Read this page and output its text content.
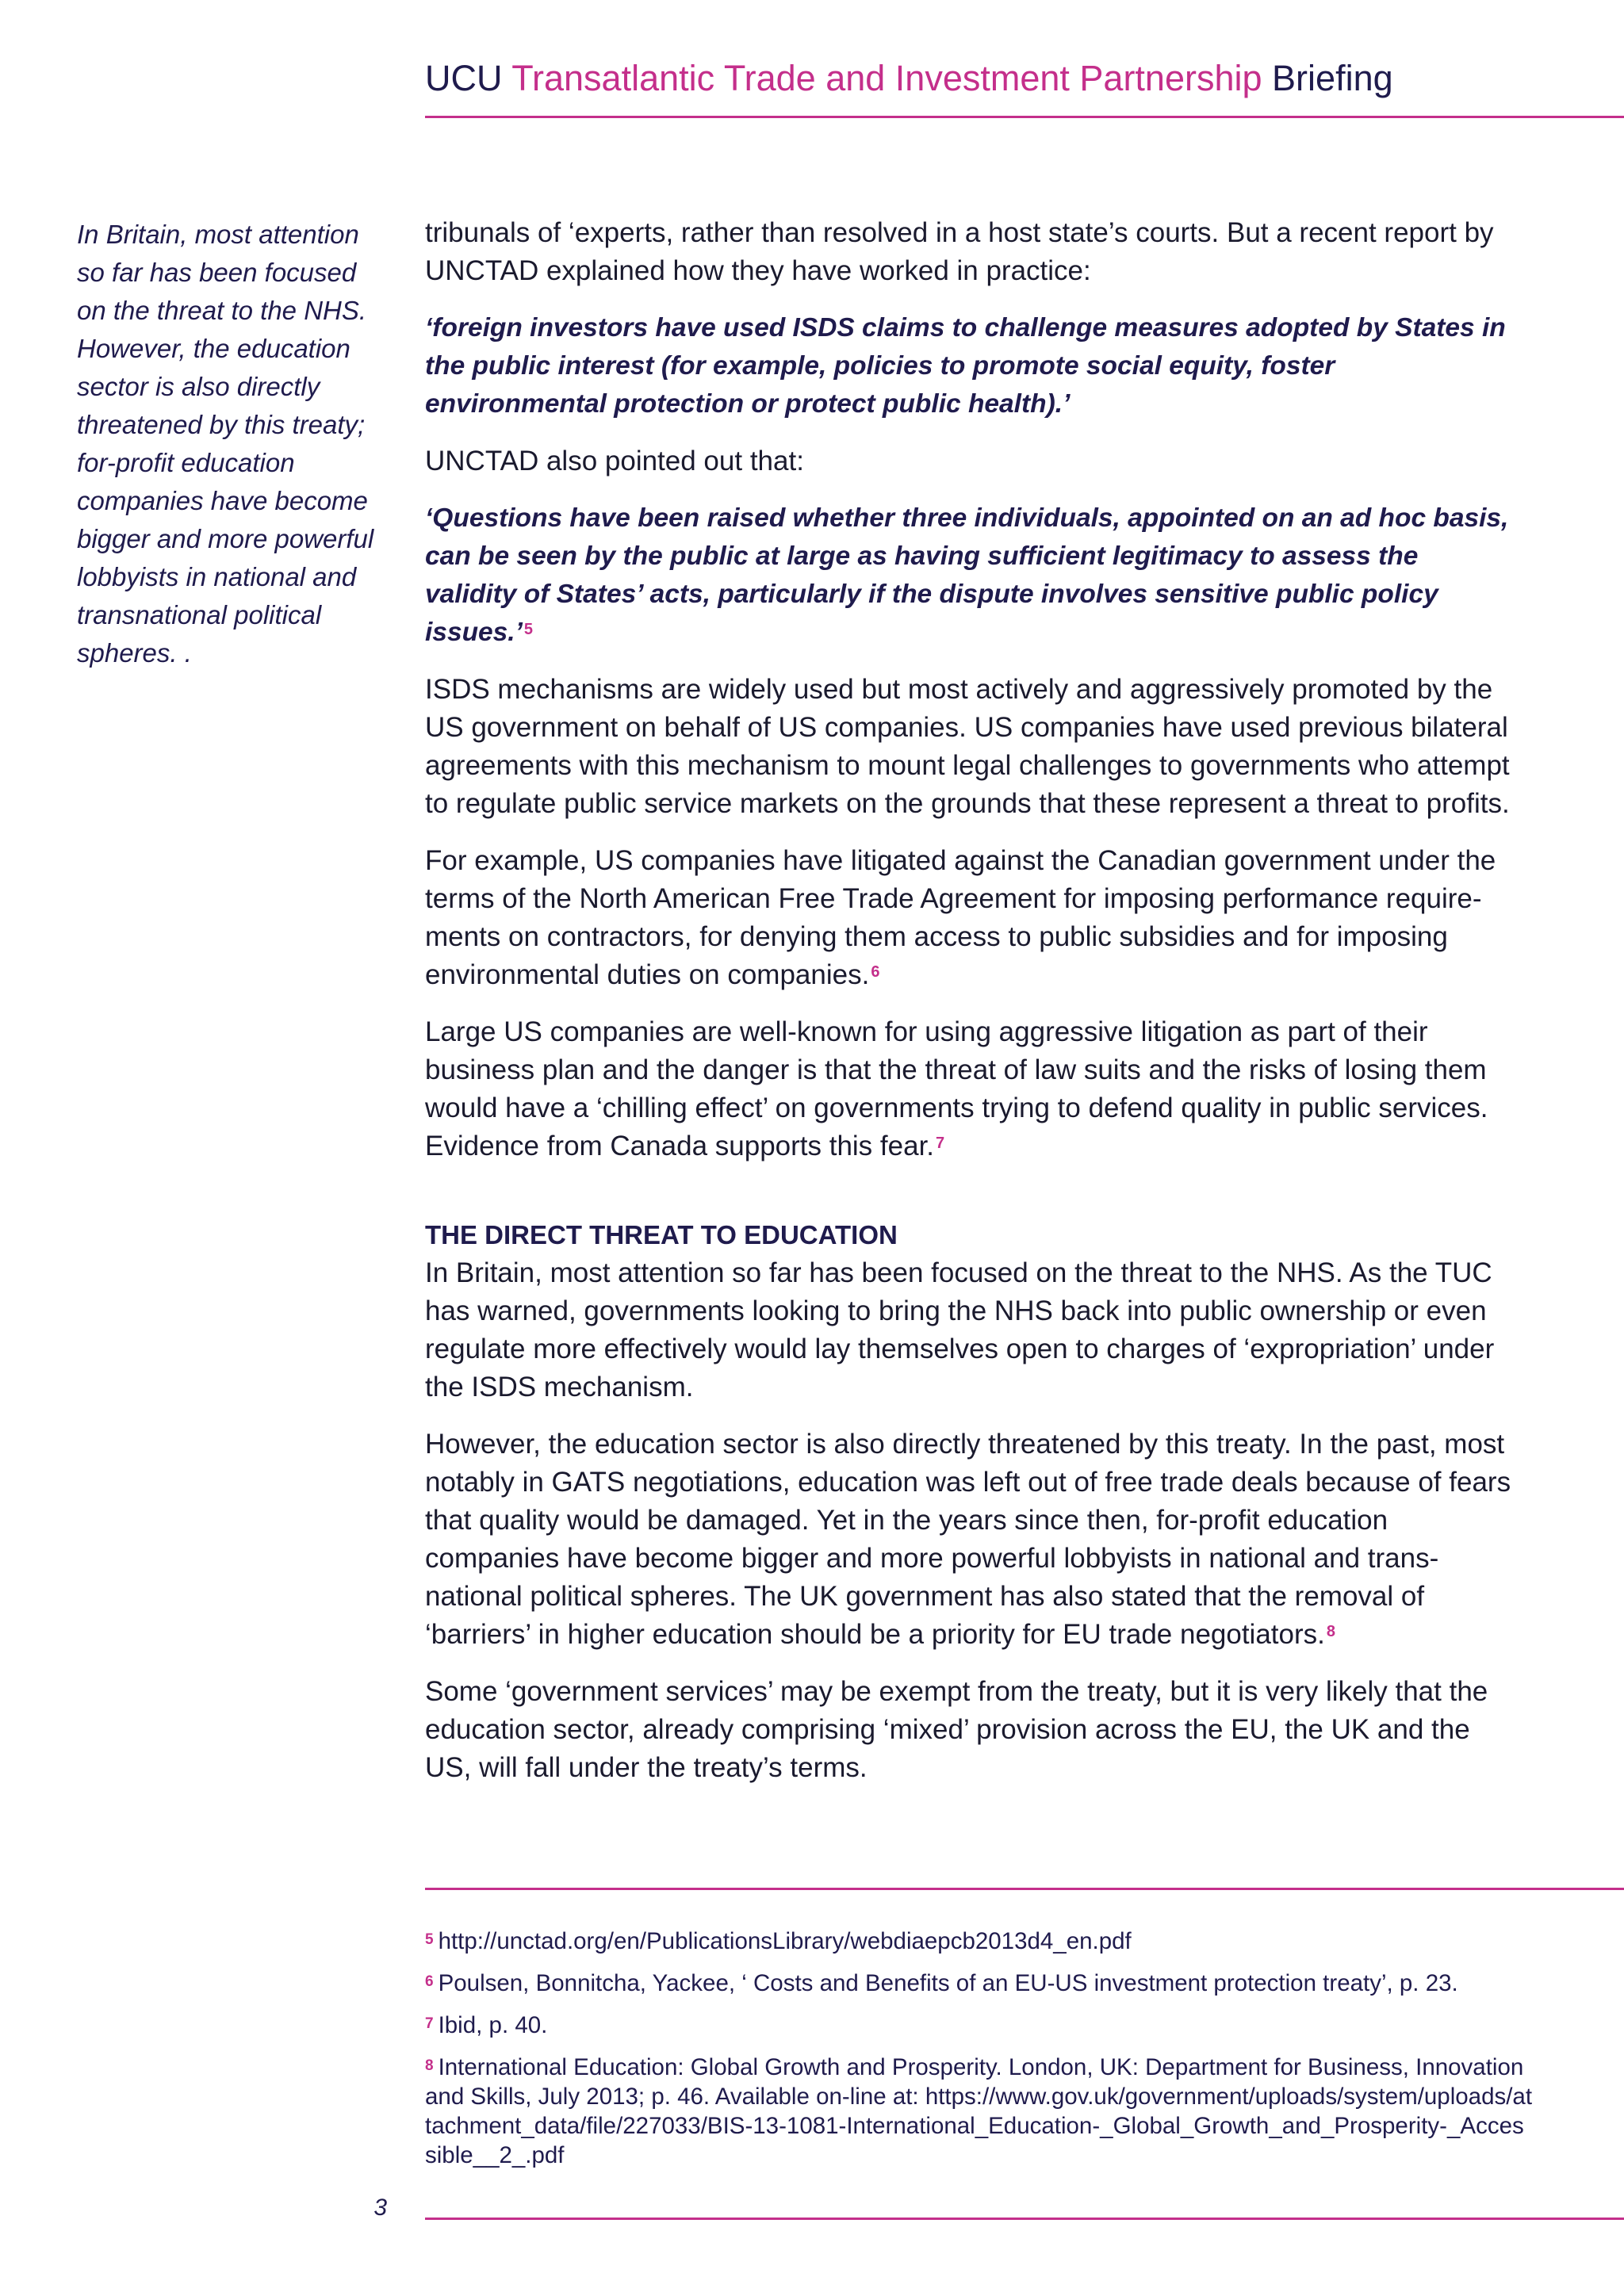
UCU Transatlantic Trade and Investment Partnership Briefing
In Britain, most attention so far has been focused on the threat to the NHS. However, the education sector is also directly threatened by this treaty; for-profit education companies have become bigger and more powerful lobbyists in national and transnational political spheres. .

tribunals of ‘experts, rather than resolved in a host state’s courts. But a recent report by UNCTAD explained how they have worked in practice:

‘foreign investors have used ISDS claims to challenge measures adopted by States in the public interest (for example, policies to promote social equity, foster environmental protection or protect public health).’

UNCTAD also pointed out that:

‘Questions have been raised whether three individuals, appointed on an ad hoc basis, can be seen by the public at large as having sufficient legitimacy to assess the validity of States’ acts, particularly if the dispute involves sensitive public policy issues.’ $^5$

ISDS mechanisms are widely used but most actively and aggressively promoted by the US government on behalf of US companies. US companies have used previous bilateral agreements with this mechanism to mount legal challenges to governments who attempt to regulate public service markets on the grounds that these represent a threat to profits.

For example, US companies have litigated against the Canadian government under the terms of the North American Free Trade Agreement for imposing performance require-ments on contractors, for denying them access to public subsidies and for imposing environmental duties on companies. $^6$

Large US companies are well-known for using aggressive litigation as part of their business plan and the danger is that the threat of law suits and the risks of losing them would have a ‘chilling effect’ on governments trying to defend quality in public services. Evidence from Canada supports this fear. $^7$

THE DIRECT THREAT TO EDUCATION

In Britain, most attention so far has been focused on the threat to the NHS. As the TUC has warned, governments looking to bring the NHS back into public ownership or even regulate more effectively would lay themselves open to charges of ‘expropriation’ under the ISDS mechanism.

However, the education sector is also directly threatened by this treaty. In the past, most notably in GATS negotiations, education was left out of free trade deals because of fears that quality would be damaged. Yet in the years since then, for-profit education companies have become bigger and more powerful lobbyists in national and trans-national political spheres. The UK government has also stated that the removal of ‘barriers’ in higher education should be a priority for EU trade negotiators. $^8$

Some ‘government services’ may be exempt from the treaty, but it is very likely that the education sector, already comprising ‘mixed’ provision across the EU, the UK and the US, will fall under the treaty’s terms.

$^5$ http://unctad.org/en/PublicationsLibrary/webdiaepcb2013d4_en.pdf
$^6$ Poulsen, Bonnitcha, Yackee, ‘ Costs and Benefits of an EU-US investment protection treaty’, p. 23.
$^7$ Ibid, p. 40.
$^8$ International Education: Global Growth and Prosperity. London, UK: Department for Business, Innovation and Skills, July 2013; p. 46. Available on-line at: https://www.gov.uk/government/uploads/system/uploads/attachment_data/file/227033/BIS-13-1081-International_Education-_Global_Growth_and_Prosperity-_Accessible__2_.pdf
3
